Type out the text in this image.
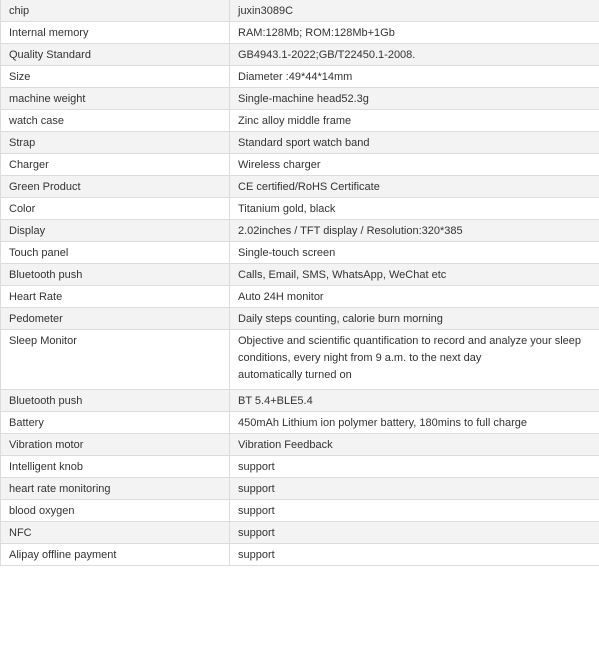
chip	juxin3089C
Internal memory	RAM:128Mb; ROM:128Mb+1Gb
Quality Standard	GB4943.1-2022;GB/T22450.1-2008.
Size	Diameter :49*44*14mm
machine weight	Single-machine head52.3g
watch case	Zinc alloy middle frame
Strap	Standard sport watch band
Charger	Wireless charger
Green Product	CE certified/RoHS Certificate
Color	Titanium gold, black
Display	2.02inches / TFT display / Resolution:320*385
Touch panel	Single-touch screen
Bluetooth push	Calls, Email, SMS, WhatsApp, WeChat etc
Heart Rate	Auto 24H monitor
Pedometer	Daily steps counting, calorie burn morning
Sleep Monitor	Objective and scientific quantification to record and analyze your sleep
conditions, every night from 9 a.m. to the next day
automatically turned on

Bluetooth push	BT 5.4+BLE5.4
Battery	450mAh Lithium ion polymer battery, 180mins to full charge
Vibration motor	Vibration Feedback
Intelligent knob	support
heart rate monitoring	support
blood oxygen	support
NFC	support
Alipay offline payment	support
